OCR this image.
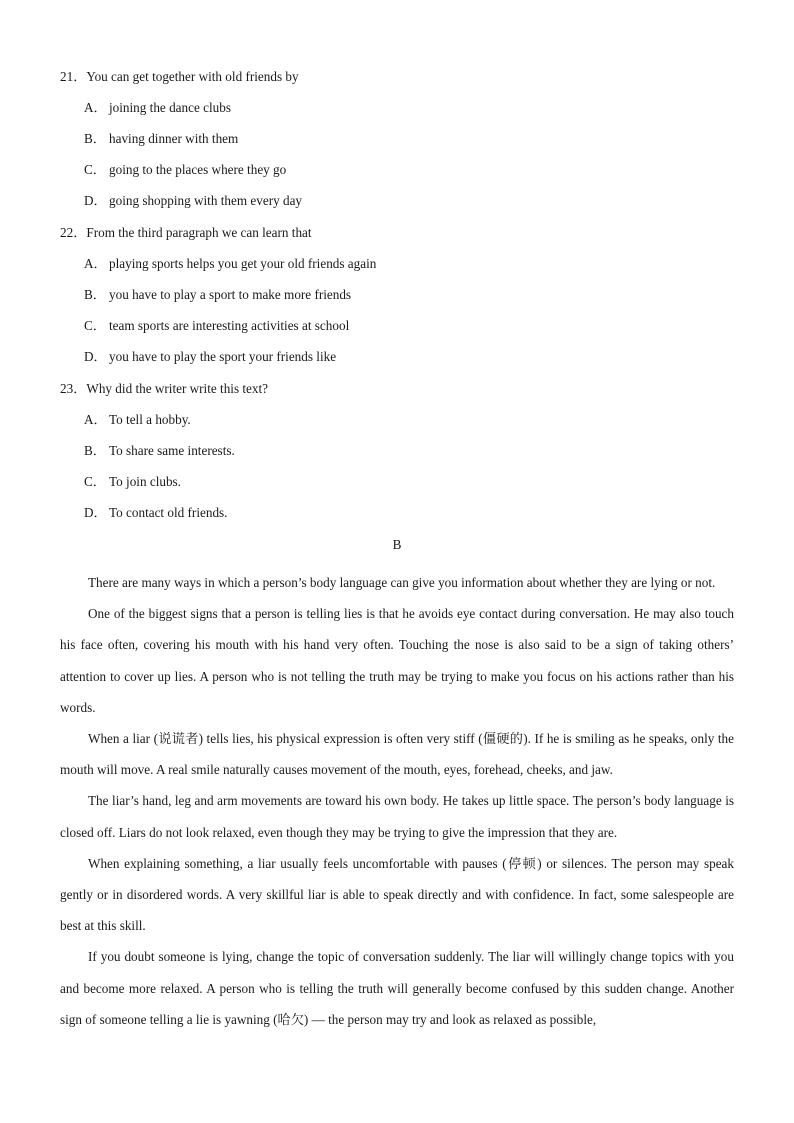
21．You can get together with old friends by
A． joining the dance clubs
B． having dinner with them
C． going to the places where they go
D． going shopping with them every day
22．From the third paragraph we can learn that
A． playing sports helps you get your old friends again
B． you have to play a sport to make more friends
C． team sports are interesting activities at school
D． you have to play the sport your friends like
23．Why did the writer write this text?
A． To tell a hobby.
B． To share same interests.
C． To join clubs.
D． To contact old friends.
B

There are many ways in which a person’s body language can give you information about whether they are lying or not.

One of the biggest signs that a person is telling lies is that he avoids eye contact during conversation. He may also touch his face often, covering his mouth with his hand very often. Touching the nose is also said to be a sign of taking others’ attention to cover up lies. A person who is not telling the truth may be trying to make you focus on his actions rather than his words.

When a liar (说谎者) tells lies, his physical expression is often very stiff (僵硬的). If he is smiling as he speaks, only the mouth will move. A real smile naturally causes movement of the mouth, eyes, forehead, cheeks, and jaw.

The liar’s hand, leg and arm movements are toward his own body. He takes up little space. The person’s body language is closed off. Liars do not look relaxed, even though they may be trying to give the impression that they are.

When explaining something, a liar usually feels uncomfortable with pauses (停顿) or silences. The person may speak gently or in disordered words. A very skillful liar is able to speak directly and with confidence. In fact, some salespeople are best at this skill.

If you doubt someone is lying, change the topic of conversation suddenly. The liar will willingly change topics with you and become more relaxed. A person who is telling the truth will generally become confused by this sudden change. Another sign of someone telling a lie is yawning (哈欠) — the person may try and look as relaxed as possible,
